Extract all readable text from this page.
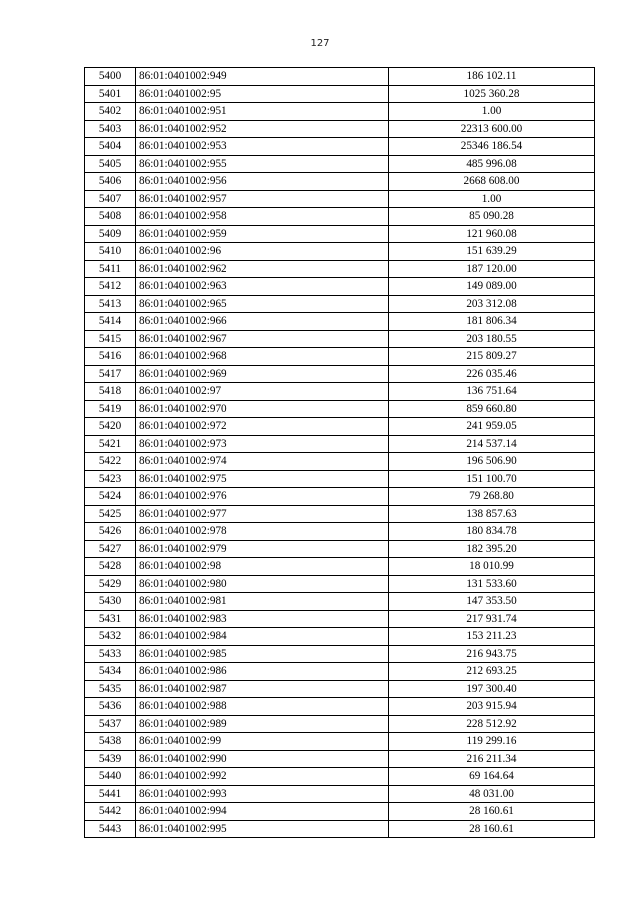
127
5400	86:01:0401002:949	186 102.11
5401	86:01:0401002:95	1025 360.28
5402	86:01:0401002:951	1.00
5403	86:01:0401002:952	22313 600.00
5404	86:01:0401002:953	25346 186.54
5405	86:01:0401002:955	485 996.08
5406	86:01:0401002:956	2668 608.00
5407	86:01:0401002:957	1.00
5408	86:01:0401002:958	85 090.28
5409	86:01:0401002:959	121 960.08
5410	86:01:0401002:96	151 639.29
5411	86:01:0401002:962	187 120.00
5412	86:01:0401002:963	149 089.00
5413	86:01:0401002:965	203 312.08
5414	86:01:0401002:966	181 806.34
5415	86:01:0401002:967	203 180.55
5416	86:01:0401002:968	215 809.27
5417	86:01:0401002:969	226 035.46
5418	86:01:0401002:97	136 751.64
5419	86:01:0401002:970	859 660.80
5420	86:01:0401002:972	241 959.05
5421	86:01:0401002:973	214 537.14
5422	86:01:0401002:974	196 506.90
5423	86:01:0401002:975	151 100.70
5424	86:01:0401002:976	79 268.80
5425	86:01:0401002:977	138 857.63
5426	86:01:0401002:978	180 834.78
5427	86:01:0401002:979	182 395.20
5428	86:01:0401002:98	18 010.99
5429	86:01:0401002:980	131 533.60
5430	86:01:0401002:981	147 353.50
5431	86:01:0401002:983	217 931.74
5432	86:01:0401002:984	153 211.23
5433	86:01:0401002:985	216 943.75
5434	86:01:0401002:986	212 693.25
5435	86:01:0401002:987	197 300.40
5436	86:01:0401002:988	203 915.94
5437	86:01:0401002:989	228 512.92
5438	86:01:0401002:99	119 299.16
5439	86:01:0401002:990	216 211.34
5440	86:01:0401002:992	69 164.64
5441	86:01:0401002:993	48 031.00
5442	86:01:0401002:994	28 160.61
5443	86:01:0401002:995	28 160.61
